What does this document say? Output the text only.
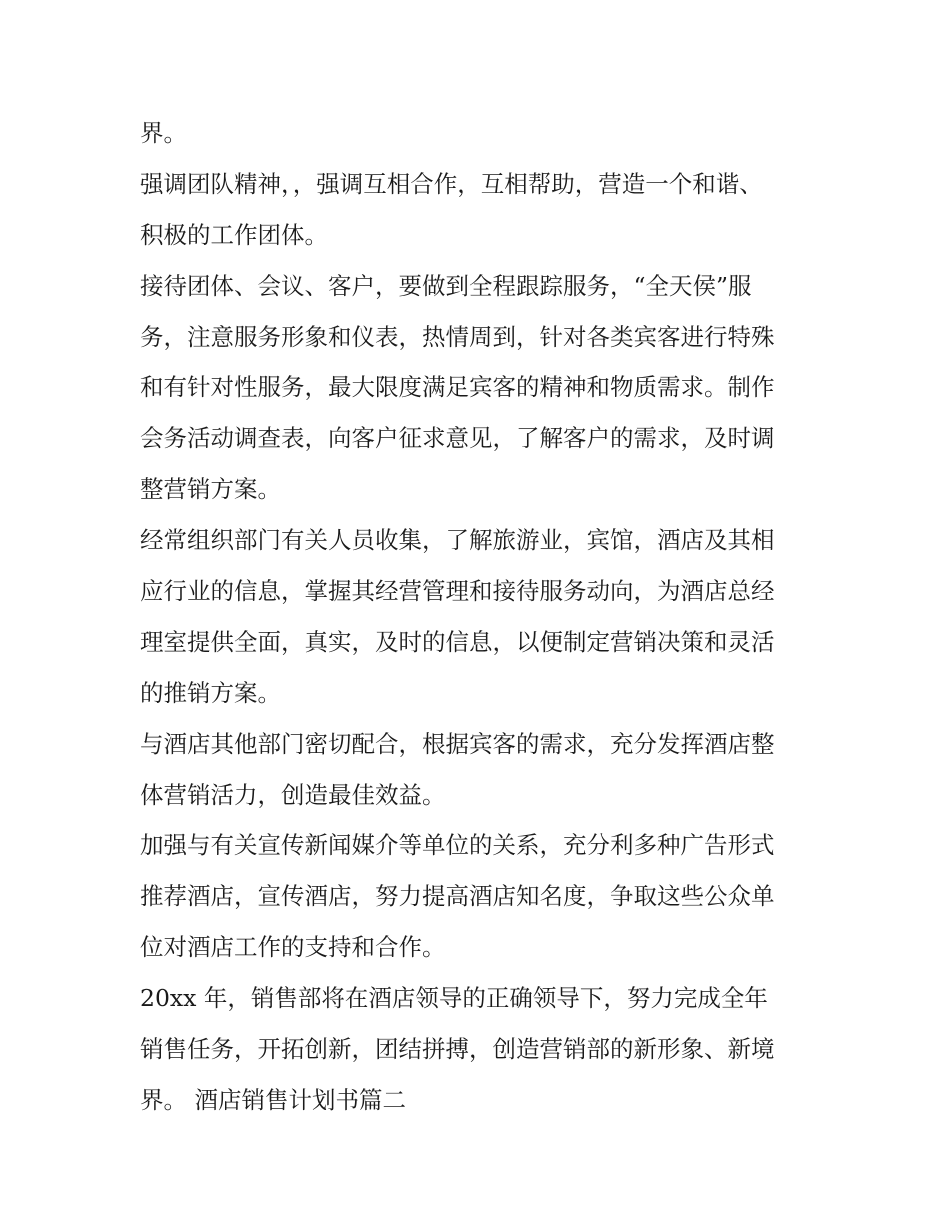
界。
强调团队精神，，强调互相合作，互相帮助，营造一个和谐、
积极的工作团体。
接待团体、会议、客户，要做到全程跟踪服务，“全天侯”服
务，注意服务形象和仪表，热情周到，针对各类宾客进行特殊
和有针对性服务，最大限度满足宾客的精神和物质需求。制作
会务活动调查表，向客户征求意见，了解客户的需求，及时调
整营销方案。
经常组织部门有关人员收集，了解旅游业，宾馆，酒店及其相
应行业的信息，掌握其经营管理和接待服务动向，为酒店总经
理室提供全面，真实，及时的信息，以便制定营销决策和灵活
的推销方案。
与酒店其他部门密切配合，根据宾客的需求，充分发挥酒店整
体营销活力，创造最佳效益。
加强与有关宣传新闻媒介等单位的关系，充分利多种广告形式
推荐酒店，宣传酒店，努力提高酒店知名度，争取这些公众单
位对酒店工作的支持和合作。
20xx 年，销售部将在酒店领导的正确领导下，努力完成全年
销售任务，开拓创新，团结拼搏，创造营销部的新形象、新境
界。 酒店销售计划书篇二
